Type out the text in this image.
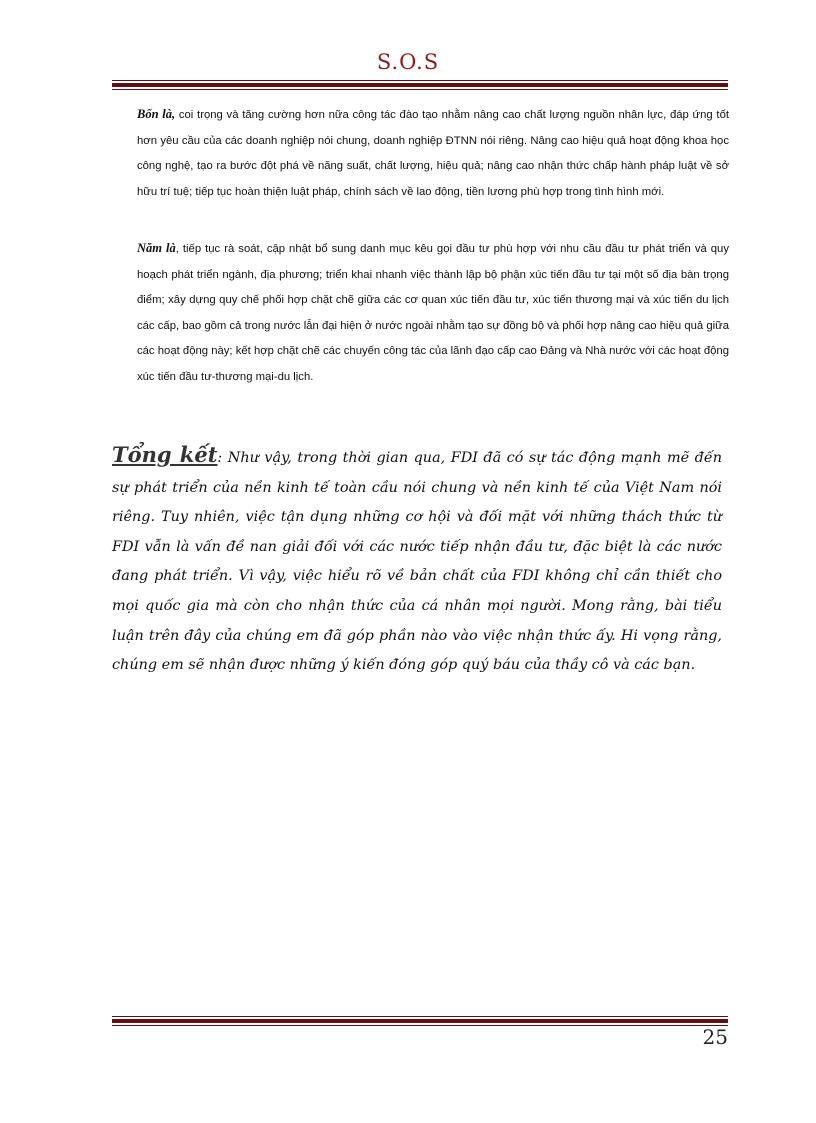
S.O.S

Bốn là, coi trọng và tăng cường hơn nữa công tác đào tạo nhằm nâng cao chất lượng nguồn nhân lực, đáp ứng tốt hơn yêu cầu của các doanh nghiệp nói chung, doanh nghiệp ĐTNN nói riêng. Nâng cao hiệu quả hoạt động khoa học công nghệ, tạo ra bước đột phá về năng suất, chất lượng, hiệu quả; nâng cao nhận thức chấp hành pháp luật về sở hữu trí tuệ; tiếp tục hoàn thiện luật pháp, chính sách về lao động, tiền lương phù hợp trong tình hình mới.

Năm là, tiếp tục rà soát, cập nhật bổ sung danh mục kêu gọi đầu tư phù hợp với nhu cầu đầu tư phát triển và quy hoạch phát triển ngành, địa phương; triển khai nhanh việc thành lập bộ phận xúc tiến đầu tư tại một số địa bàn trọng điểm; xây dựng quy chế phối hợp chặt chẽ giữa các cơ quan xúc tiến đầu tư, xúc tiến thương mại và xúc tiến du lịch các cấp, bao gồm cả trong nước lẫn đại hiện ở nước ngoài nhằm tạo sự đồng bộ và phối hợp nâng cao hiệu quả giữa các hoạt động này; kết hợp chặt chẽ các chuyến công tác của lãnh đạo cấp cao Đảng và Nhà nước với các hoạt động xúc tiến đầu tư-thương mại-du lịch.

Tổng kết: Như vậy, trong thời gian qua, FDI đã có sự tác động mạnh mẽ đến sự phát triển của nền kinh tế toàn cầu nói chung và nền kinh tế của Việt Nam nói riêng. Tuy nhiên, việc tận dụng những cơ hội và đối mặt với những thách thức từ FDI vẫn là vấn đề nan giải đối với các nước tiếp nhận đầu tư, đặc biệt là các nước đang phát triển. Vì vậy, việc hiểu rõ về bản chất của FDI không chỉ cần thiết cho mọi quốc gia mà còn cho nhận thức của cá nhân mọi người. Mong rằng, bài tiểu luận trên đây của chúng em đã góp phần nào vào việc nhận thức ấy. Hi vọng rằng, chúng em sẽ nhận được những ý kiến đóng góp quý báu của thầy cô và các bạn.

25
